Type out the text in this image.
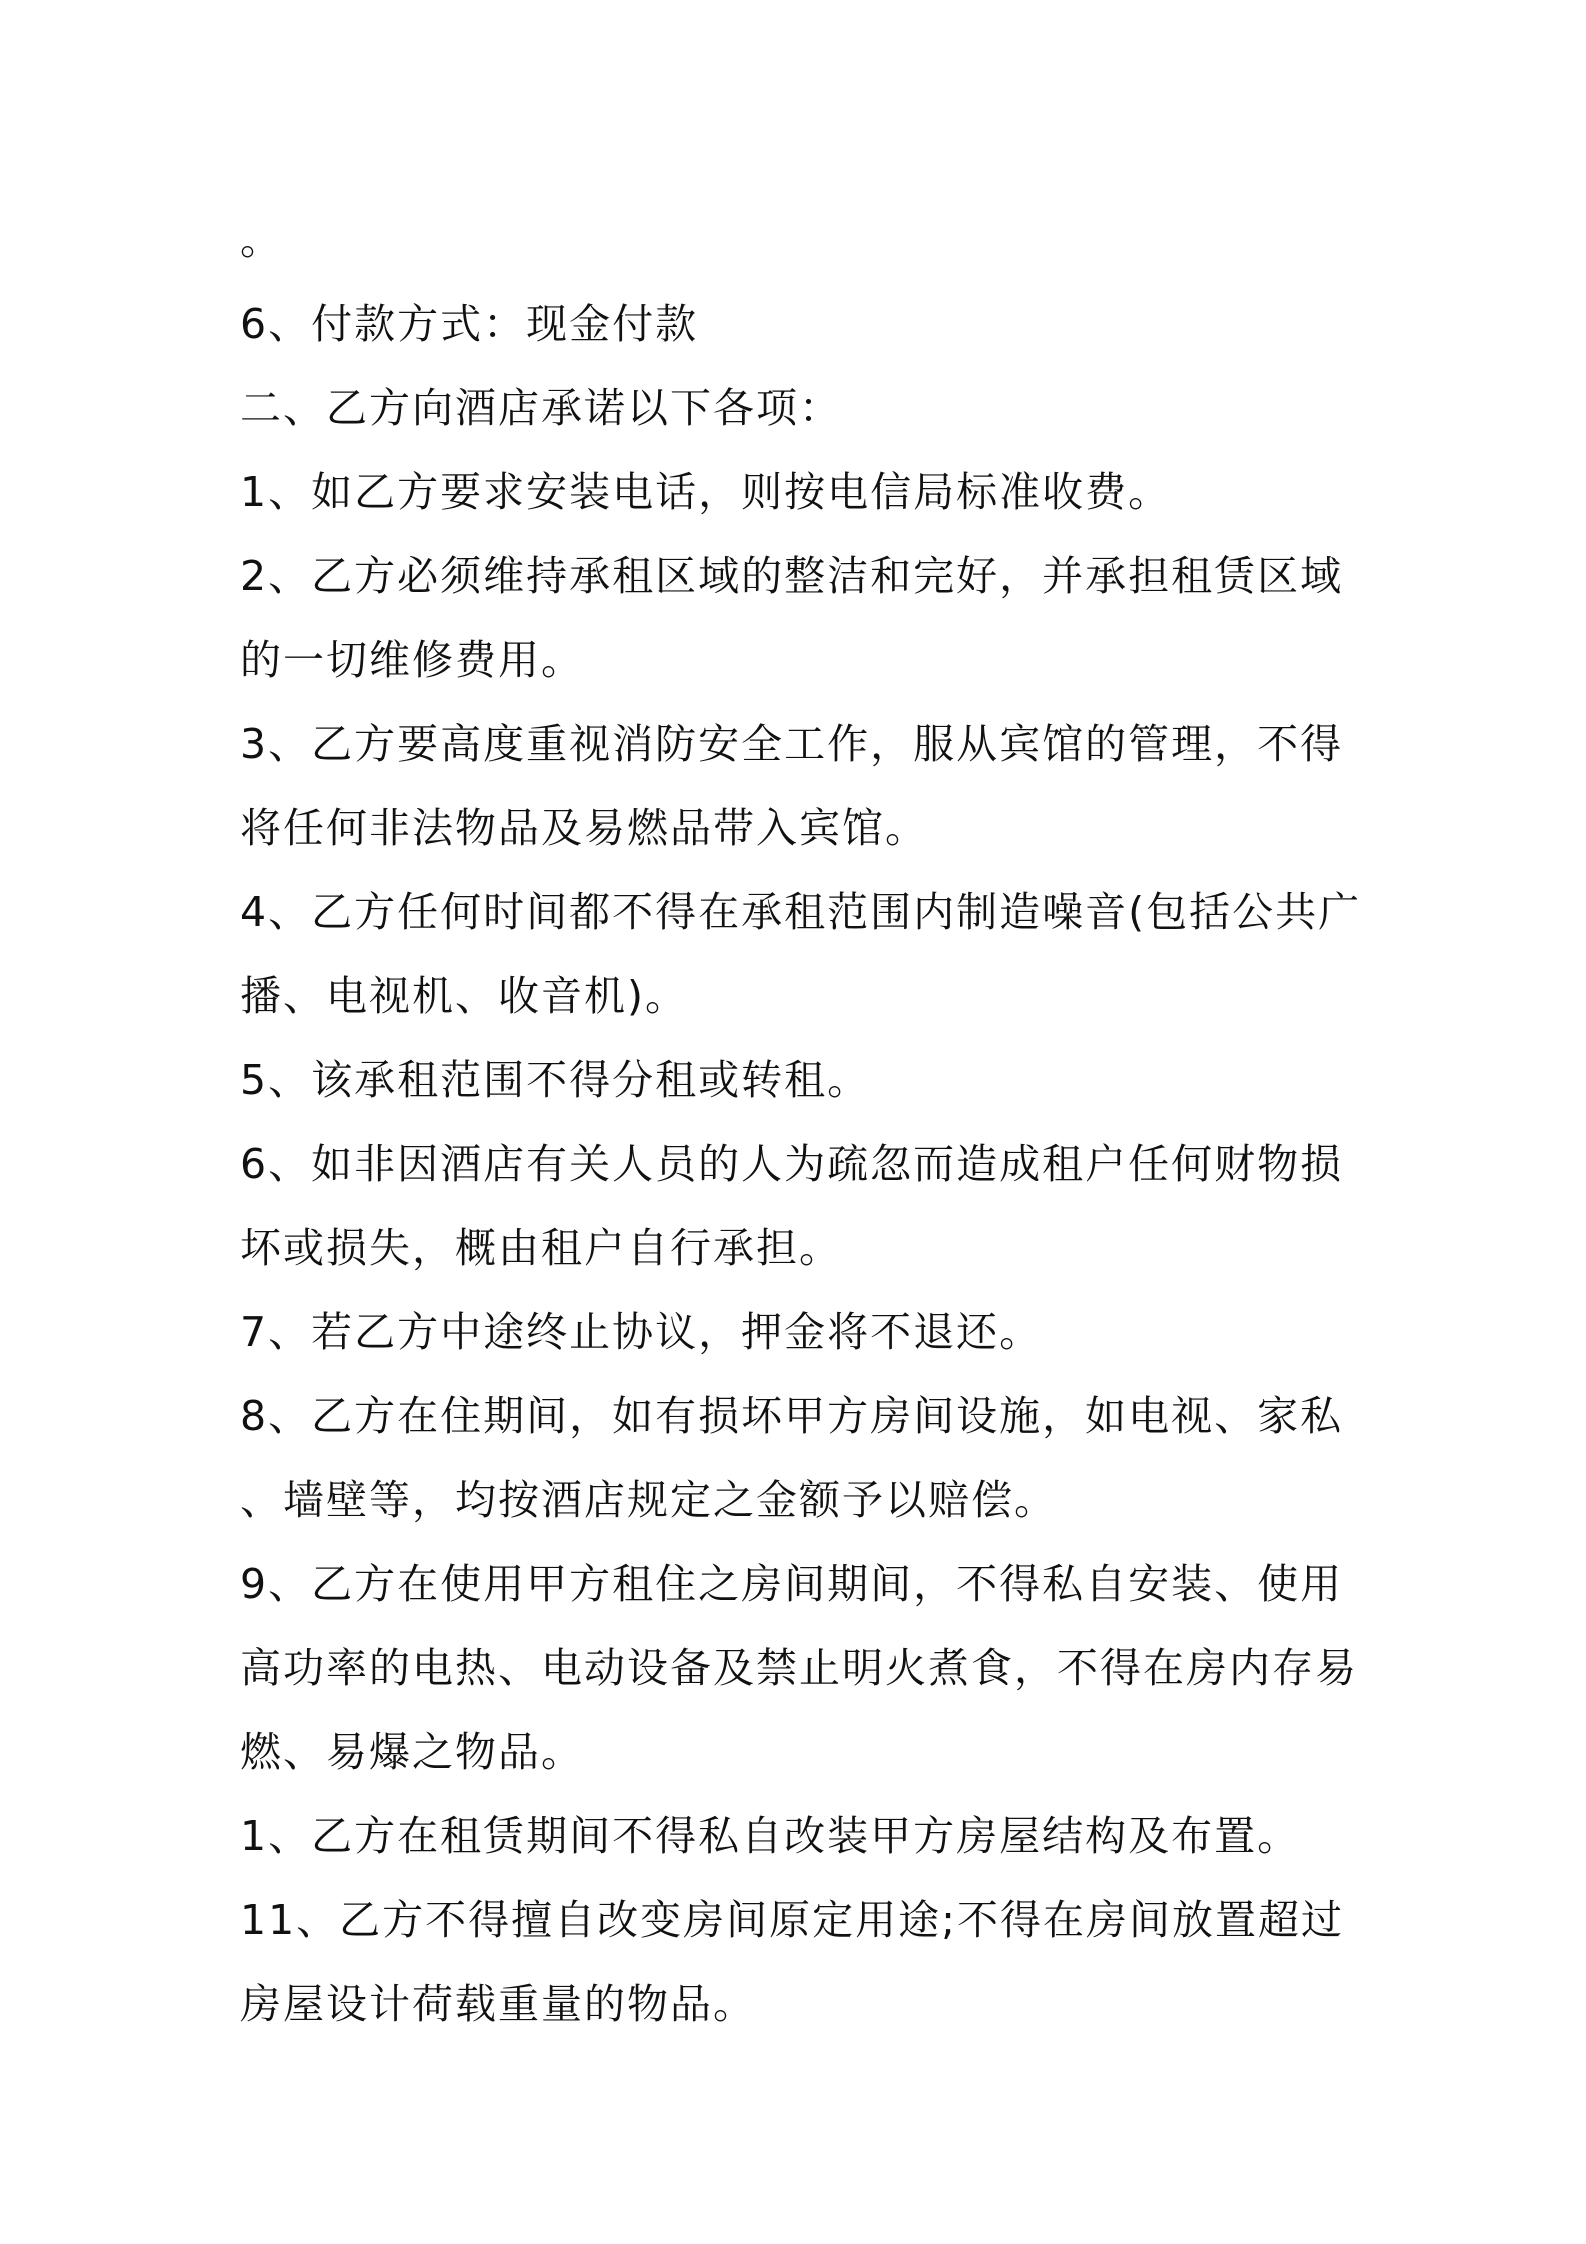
。
6、付款方式：现金付款
二、乙方向酒店承诺以下各项：
1、如乙方要求安装电话，则按电信局标准收费。
2、乙方必须维持承租区域的整洁和完好，并承担租赁区域
的一切维修费用。
3、乙方要高度重视消防安全工作，服从宾馆的管理，不得
将任何非法物品及易燃品带入宾馆。
4、乙方任何时间都不得在承租范围内制造噪音(包括公共广
播、电视机、收音机)。
5、该承租范围不得分租或转租。
6、如非因酒店有关人员的人为疏忽而造成租户任何财物损
坏或损失，概由租户自行承担。
7、若乙方中途终止协议，押金将不退还。
8、乙方在住期间，如有损坏甲方房间设施，如电视、家私
、墙壁等，均按酒店规定之金额予以赔偿。
9、乙方在使用甲方租住之房间期间，不得私自安装、使用
高功率的电热、电动设备及禁止明火煮食，不得在房内存易
燃、易爆之物品。
1、乙方在租赁期间不得私自改装甲方房屋结构及布置。
11、乙方不得擅自改变房间原定用途;不得在房间放置超过
房屋设计荷载重量的物品。
